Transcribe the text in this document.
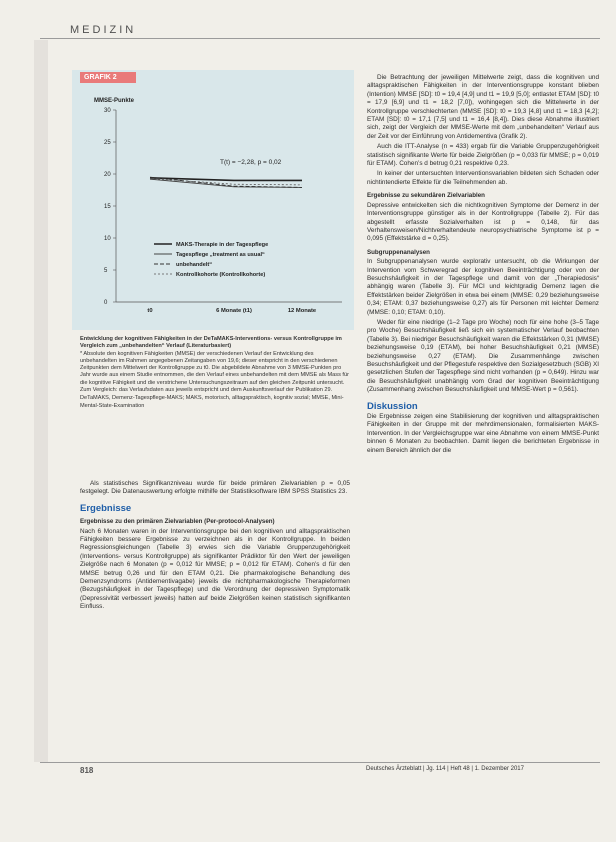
MEDIZIN
GRAFIK 2
MMSE-Punkte
30
25
20
15
10
5
0
t0	6 Monate (t1)	12 Monate
T(t) = −2,28, p = 0,02
MAKS-Therapie in der Tagespflege
Tagespflege „treatment as usual“
unbehandelt“
Kontrollkohorte (Kontrollkohorte)
Entwicklung der kognitiven Fähigkeiten in der DeTaMAKS-Interventions- versus Kontrollgruppe im Vergleich zum „unbehandelten“ Verlauf (Literaturbasiert)
* Absolute den kognitiven Fähigkeiten (MMSE) der verschiedenen Verlauf der Entwicklung des unbehandelten im Rahmen angegebenen Zeitangaben von 19,6; dieser entspricht in den verschiedenen Zeitpunkten dem Mittelwert der Kontrollgruppe zu t0. Die abgebildete Abnahme von 3 MMSE-Punkten pro Jahr wurde aus einem Studie entnommen, die den Verlauf eines unbehandelten mit dem MMSE als Mass für die kognitive Fähigkeit und die verstrichene Untersuchungszeitraum auf den gleichen Zeitpunkt untersucht. Zum Vergleich: das Verlaufsdaten aus jeweils entspricht und dem Auskunftsverlauf der Publikation 29.
DeTaMAKS, Demenz-Tagespflege-MAKS; MAKS, motorisch, alltagspraktisch, kognitiv sozial; MMSE, Mini-Mental-State-Examination

Als statistisches Signifikanzniveau wurde für beide primären Zielvariablen p = 0,05 festgelegt. Die Datenauswertung erfolgte mithilfe der Statistiksoftware IBM SPSS Statistics 23.

Ergebnisse
Ergebnisse zu den primären Zielvariablen (Per-protocol-Analysen)

Nach 6 Monaten waren in der Interventionsgruppe bei den kognitiven und alltagspraktischen Fähigkeiten bessere Ergebnisse zu verzeichnen als in der Kontrollgruppe. In beiden Regressionsgleichungen (Tabelle 3) erwies sich die Variable Gruppenzugehörigkeit (Interventions- versus Kontrollgruppe) als signifikanter Prädiktor für den Wert der jeweiligen Zielgröße nach 6 Monaten (p = 0,012 für MMSE; p = 0,012 für ETAM). Cohen’s d für den MMSE betrug 0,26 und für den ETAM 0,21. Die pharmakologische Behandlung des Demenzsyndroms (Antidementivagabe) jeweils die nichtpharmakologische Therapieformen (Bezugshäufigkeit in der Tagespflege) und die Verordnung der depressiven Symptomatik (Depressivität verbessert jeweils) hatten auf beide Zielgrößen keinen statistisch signifikanten Einfluss.

Die Betrachtung der jeweiligen Mittelwerte zeigt, dass die kognitiven und alltagspraktischen Fähigkeiten in der Interventionsgruppe konstant blieben (Intention) MMSE [SD]: t0 = 19,4 [4,9] und t1 = 19,9 [5,0]; entlastet ETAM [SD]: t0 = 17,9 [6,9] und t1 = 18,2 [7,0]), wohingegen sich die Mittelwerte in der Kontrollgruppe verschlechterten (MMSE [SD]: t0 = 19,3 [4,8] und t1 = 18,3 [4,2]; ETAM [SD]: t0 = 17,1 [7,5] und t1 = 16,4 [8,4]). Dies diese Abnahme illustriert sich, zeigt der Vergleich der MMSE-Werte mit dem „unbehandelten“ Verlauf aus der Zeit vor der Einführung von Antidementiva (Grafik 2).

Auch die ITT-Analyse (n = 433) ergab für die Variable Gruppenzugehörigkeit statistisch signifikante Werte für beide Zielgrößen (p = 0,033 für MMSE; p = 0,019 für ETAM). Cohen’s d betrug 0,21 respektive 0,23.

In keiner der untersuchten Interventionsvariablen bildeten sich Schaden oder nichtintendierte Effekte für die Teilnehmenden ab.

Ergebnisse zu sekundären Zielvariablen

Depressive entwickelten sich die nichtkognitiven Symptome der Demenz in der Interventionsgruppe günstiger als in der Kontrollgruppe (Tabelle 2). Für das abgestellt erfasste Sozialverhalten ist p = 0,148, für das Verhaltensweisen/Nichtverhaltendeute neuropsychiatrische Symptome ist p = 0,095 (Effektstärke d = 0,25).

Subgruppenanalysen

In Subgruppenanalysen wurde explorativ untersucht, ob die Wirkungen der Intervention vom Schweregrad der kognitiven Beeinträchtigung oder von der Besuchshäufigkeit in der Tagespflege und damit von der „Therapiedosis“ abhängig waren (Tabelle 3). Für MCI und leichtgradig Demenz lagen die Effektstärken beider Zielgrößen in etwa bei einem (MMSE: 0,29 beziehungsweise 0,34; ETAM: 0,37 beziehungsweise 0,27) als für Personen mit leichter Demenz (MMSE: 0,10; ETAM: 0,10).

Weder für eine niedrige (1–2 Tage pro Woche) noch für eine hohe (3–5 Tage pro Woche) Besuchshäufigkeit ließ sich ein systematischer Verlauf beobachten (Tabelle 3). Bei niedriger Besuchshäufigkeit waren die Effektstärken 0,31 (MMSE) beziehungsweise 0,19 (ETAM), bei hoher Besuchshäufigkeit 0,21 (MMSE) beziehungsweise 0,27 (ETAM). Die Zusammenhänge zwischen Besuchshäufigkeit und der Pflegestufe respektive den Sozialgesetzbuch (SGB) XI gesetzlichen Stufen der Tagespflege sind nicht vorhanden (p = 0,649). Hinzu war die Besuchshäufigkeit unabhängig vom Grad der kognitiven Beeinträchtigung (Zusammenhang zwischen Besuchshäufigkeit und MMSE-Wert p = 0,561).

Diskussion

Die Ergebnisse zeigen eine Stabilisierung der kognitiven und alltagspraktischen Fähigkeiten in der Gruppe mit der mehrdimensionalen, formalisierten MAKS-Intervention. In der Vergleichsgruppe war eine Abnahme von einem MMSE-Punkt binnen 6 Monaten zu beobachten. Damit liegen die berichteten Ergebnisse in einem Bereich ähnlich der die

818	Deutsches Ärzteblatt | Jg. 114 | Heft 48 | 1. Dezember 2017
